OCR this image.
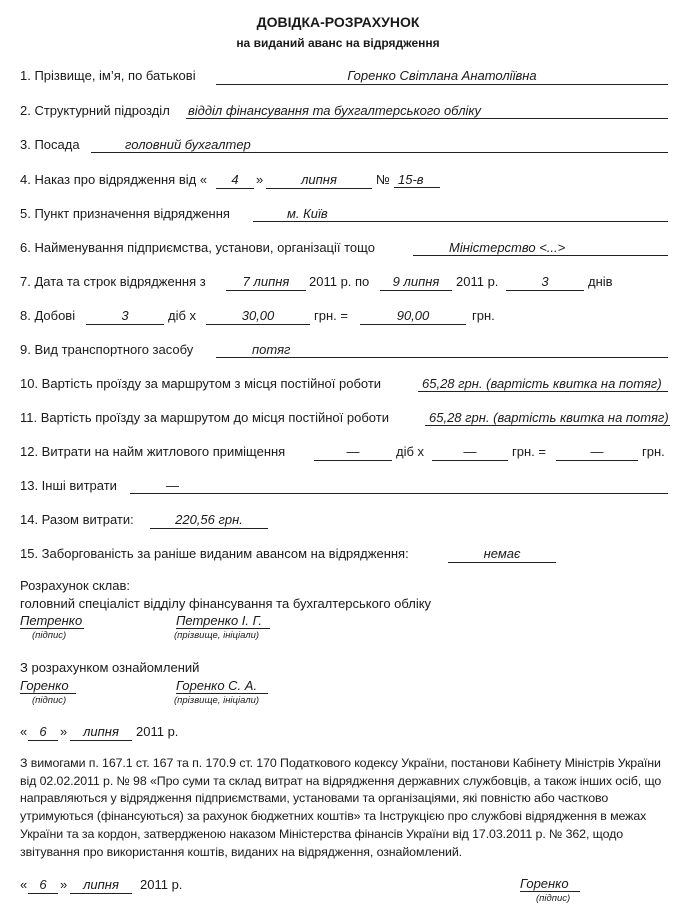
ДОВІДКА-РОЗРАХУНОК
на виданий аванс на відрядження
1. Прізвище, ім’я, по батькові	Горенко Світлана Анатоліївна
2. Структурний підрозділ відділ фінансування та бухгалтерського обліку
3. Посада	головний бухгалтер
4. Наказ про відрядження від «	4	»	липня	№ 15-в
5. Пункт призначення відрядження	м. Київ
6. Найменування підприємства, установи, організації тощо	Міністерство <...>
7. Дата та строк відрядження з	7 липня	2011 р. по	9 липня	2011 р.	3	днів
8. Добові	3	діб х	30,00	грн. =	90,00	грн.
9. Вид транспортного засобу	потяг
10. Вартість проїзду за маршрутом з місця постійної роботи	65,28 грн. (вартість квитка на потяг)
11. Вартість проїзду за маршрутом до місця постійної роботи	65,28 грн. (вартість квитка на потяг)
12. Витрати на найм житлового приміщення	—	діб х	—	грн. =	—	грн.
13. Інші витрати	—
14. Разом витрати:	220,56 грн.
15. Заборгованість за раніше виданим авансом на відрядження:	немає
Розрахунок склав:
головний спеціаліст відділу фінансування та бухгалтерського обліку
Петренко
(підпис)
Петренко І. Г.
(прізвище, ініціали)
З розрахунком ознайомлений
Горенко
(підпис)
Горенко С. А.
(прізвище, ініціали)
« 6	»	липня	2011 р.
З вимогами п. 167.1 ст. 167 та п. 170.9 ст. 170 Податкового кодексу України, постанови Кабінету Міністрів України від 02.02.2011 р. № 98 «Про суми та склад витрат на відрядження державних службовців, а також інших осіб, що направляються у відрядження підприємствами, установами та організаціями, які повністю або частково утримуються (фінансуються) за рахунок бюджетних коштів» та Інструкцією про службові відрядження в межах України та за кордон, затвердженою наказом Міністерства фінансів України від 17.03.2011 р. № 362, щодо звітування про використання коштів, виданих на відрядження, ознайомлений.
« 6	»	липня	2011 р.	Горенко
(підпис)
